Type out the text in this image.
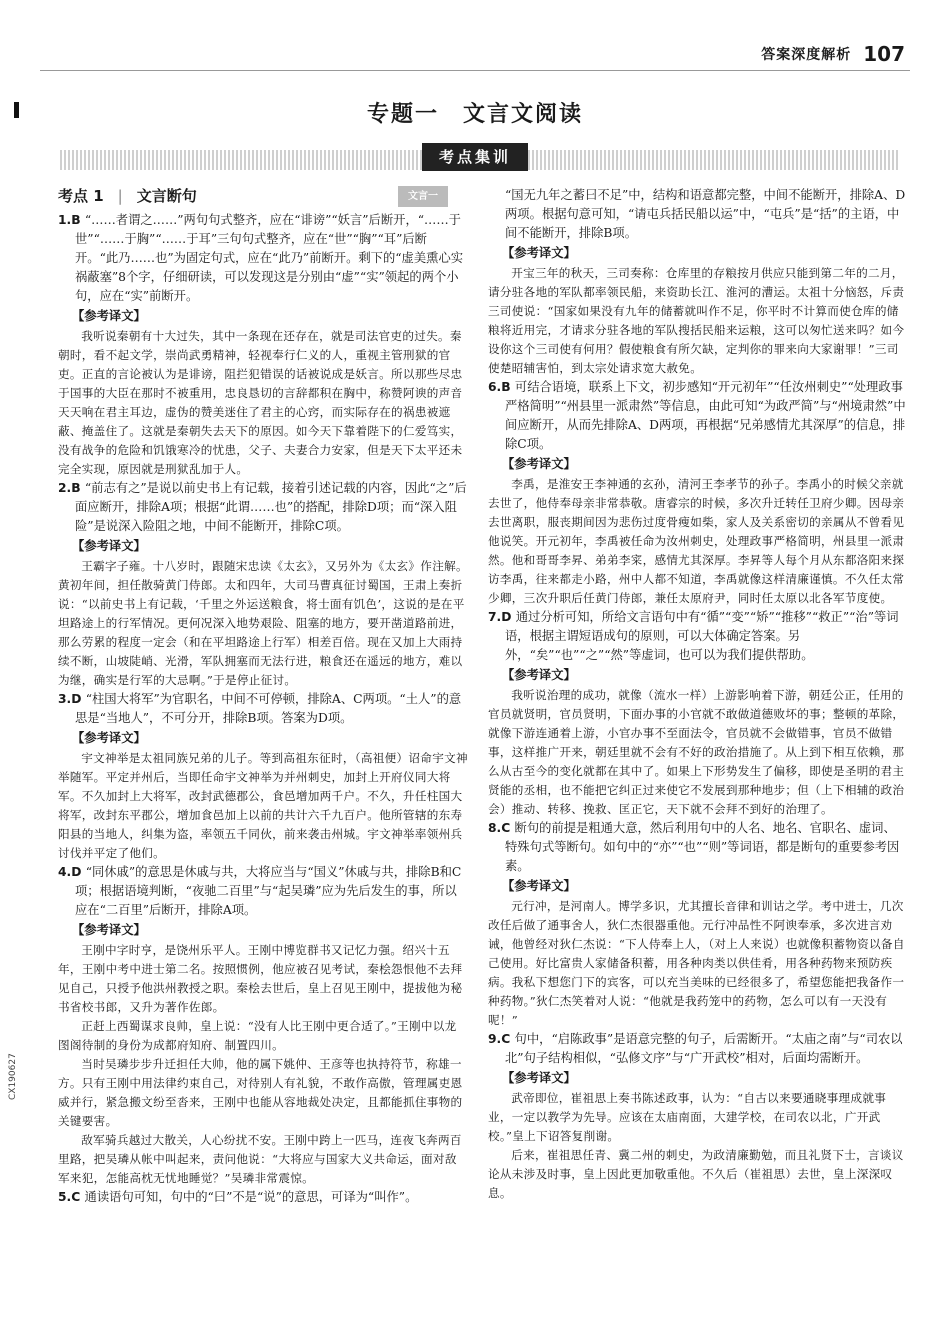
答案深度解析 107
专题一　文言文阅读
考点集训
考点 1 | 文言断句	文言一

1.B “……者谓之……”两句句式整齐，应在“诽谤”“妖言”后断开，“……于世”“……于胸”“……于耳”三句句式整齐，应在“世”“胸”“耳”后断开。“此乃……也”为固定句式，应在“此乃”前断开。剩下的“虚美熏心实祸蔽塞”8个字，仔细研读，可以发现这是分别由“虚”“实”领起的两个小句，应在“实”前断开。

【参考译文】

我听说秦朝有十大过失，其中一条现在还存在，就是司法官吏的过失。秦朝时，看不起文学，崇尚武勇精神，轻视奉行仁义的人，重视主管刑狱的官吏。正直的言论被认为是诽谤，阻拦犯错误的话被说成是妖言。所以那些尽忠于国事的大臣在那时不被重用，忠良恳切的言辞都积在胸中，称赞阿谀的声音天天响在君主耳边，虚伪的赞美迷住了君主的心窍，而实际存在的祸患被遮蔽、掩盖住了。这就是秦朝失去天下的原因。如今天下靠着陛下的仁爱笃实，没有战争的危险和饥饿寒冷的忧患，父子、夫妻合力安家，但是天下太平还未完全实现，原因就是刑狱乱加于人。

2.B “前志有之”是说以前史书上有记载，接着引述记载的内容，因此“之”后面应断开，排除A项；根据“此谓……也”的搭配，排除D项；而“深入阻险”是说深入险阻之地，中间不能断开，排除C项。

【参考译文】

王霸字子雍。十八岁时，跟随宋忠读《太玄》，又另外为《太玄》作注解。黄初年间，担任散骑黄门侍郎。太和四年，大司马曹真征讨蜀国，王肃上奏折说：“以前史书上有记载，‘千里之外运送粮食，将士面有饥色’，这说的是在平坦路途上的行军情况。更何况深入地势艰险、阻塞的地方，要开凿道路前进，那么劳累的程度一定会（和在平坦路途上行军）相差百倍。现在又加上大雨持续不断，山坡陡峭、光滑，军队拥塞而无法行进，粮食还在遥远的地方，难以为继，确实是行军的大忌啊。”于是停止征讨。

3.D “柱国大将军”为官职名，中间不可停顿，排除A、C两项。“土人”的意思是“当地人”，不可分开，排除B项。答案为D项。

【参考译文】

宇文神举是太祖同族兄弟的儿子。等到高祖东征时，（高祖便）诏命宇文神举随军。平定并州后，当即任命宇文神举为并州刺史，加封上开府仪同大将军。不久加封上大将军，改封武德郡公，食邑增加两千户。不久，升任柱国大将军，改封东平郡公，增加食邑加上以前的共计六千九百户。他所管辖的东寿阳县的当地人，纠集为盗，率领五千同伙，前来袭击州城。宇文神举率领州兵讨伐并平定了他们。

4.D “同休戚”的意思是休戚与共，大将应当与“国义”休戚与共，排除B和C项；根据语境判断，“夜驰二百里”与“起吴璘”应为先后发生的事，所以应在“二百里”后断开，排除A项。

【参考译文】

王刚中字时亨，是饶州乐平人。王刚中博览群书又记忆力强。绍兴十五年，王刚中考中进士第二名。按照惯例，他应被召见考试，秦桧怨恨他不去拜见自己，只授予他洪州教授之职。秦桧去世后，皇上召见王刚中，提拔他为秘书省校书郎，又升为著作佐郎。

正赶上西蜀谋求良帅，皇上说：“没有人比王刚中更合适了。”王刚中以龙图阁待制的身份为成都府知府、制置四川。

当时吴璘步步升迁担任大帅，他的属下姚仲、王彦等也执持符节，称雄一方。只有王刚中用法律约束自己，对待别人有礼貌，不敢作高傲，管理属吏恩威并行，紧急搬文纷至沓来，王刚中也能从容地裁处决定，且都能抓住事物的关键要害。

敌军骑兵越过大散关，人心纷扰不安。王刚中跨上一匹马，连夜飞奔两百里路，把吴璘从帐中叫起来，责问他说：“大将应与国家大义共命运，面对敌军来犯，怎能高枕无忧地睡觉？”吴璘非常震惊。

5.C 通读语句可知，句中的“曰”不是“说”的意思，可译为“叫作”。

“国无九年之蓄曰不足”中，结构和语意都完整，中间不能断开，排除A、D两项。根据句意可知，“请屯兵括民船以运”中，“屯兵”是“括”的主语，中间不能断开，排除B项。

【参考译文】

开宝三年的秋天，三司奏称：仓库里的存粮按月供应只能到第二年的二月，请分驻各地的军队都率领民船，来资助长江、淮河的漕运。太祖十分恼怒，斥责三司使说：“国家如果没有九年的储蓄就叫作不足，你平时不计算而使仓库的储粮将近用完，才请求分驻各地的军队搜括民船来运粮，这可以匆忙送来吗？如今设你这个三司使有何用？假使粮食有所欠缺，定判你的罪来向大家谢罪！”三司使楚昭辅害怕，到太宗处请求宽大赦免。

6.B 可结合语境，联系上下文，初步感知“开元初年”“任汝州刺史”“处理政事严格简明”“州县里一派肃然”等信息，由此可知“为政严简”与“州境肃然”中间应断开，从而先排除A、D两项，再根据“兄弟感情尤其深厚”的信息，排除C项。

【参考译文】

李禹，是淮安王李神通的玄孙，清河王李孝节的孙子。李禹小的时候父亲就去世了，他侍奉母亲非常恭敬。唐睿宗的时候，多次升迁转任卫府少卿。因母亲去世离职，服丧期间因为悲伤过度骨瘦如柴，家人及关系密切的亲属从不曾看见他说笑。开元初年，李禹被任命为汝州刺史，处理政事严格简明，州县里一派肃然。他和哥哥李昇、弟弟李寀，感情尤其深厚。李昇等人每个月从东都洛阳来探访李禹，往来都走小路，州中人都不知道，李禹就像这样清廉谨慎。不久任太常少卿，三次升职后任黄门侍郎，兼任太原府尹，同时任太原以北各军节度使。

7.D 通过分析可知，所给文言语句中有“循”“变”“矫”“推移”“救正”“治”等词语，根据主谓短语成句的原则，可以大体确定答案。另外，“矣”“也”“之”“然”等虚词，也可以为我们提供帮助。

【参考译文】

我听说治理的成功，就像（流水一样）上游影响着下游，朝廷公正，任用的官员就贤明，官员贤明，下面办事的小官就不敢做道德败坏的事；整顿的革除，就像下游连通着上游，小官办事不至面法令，官员就不会做错事，官员不做错事，这样推广开来，朝廷里就不会有不好的政治措施了。从上到下相互依赖，那么从古至今的变化就都在其中了。如果上下形势发生了偏移，即使是圣明的君主贤能的丞相，也不能把它纠正过来使它不发展到那种地步；但（上下相辅的政治会）推动、转移、挽救、匡正它，天下就不会拜不到好的治理了。

8.C 断句的前提是粗通大意，然后利用句中的人名、地名、官职名、虚词、特殊句式等断句。如句中的“亦”“也”“则”等词语，都是断句的重要参考因素。

【参考译文】

元行冲，是河南人。博学多识，尤其擅长音律和训诂之学。考中进士，几次改任后做了通事舍人，狄仁杰很器重他。元行冲品性不阿谀奉承，多次进言劝诫，他曾经对狄仁杰说：“下人侍奉上人，（对上人来说）也就像积蓄物资以备自己使用。好比富贵人家储备积蓄，用各种肉类以供佳肴，用各种药物来预防疾病。我私下想您门下的宾客，可以充当美味的已经很多了，希望您能把我备作一种药物。”狄仁杰笑着对人说：“他就是我药笼中的药物，怎么可以有一天没有呢！”

9.C 句中，“启陈政事”是语意完整的句子，后需断开。“太庙之南”与“司农以北”句子结构相似，“弘修文序”与“广开武校”相对，后面均需断开。

【参考译文】

武帝即位，崔祖思上奏书陈述政事，认为：“自古以来要通晓事理成就事业，一定以教学为先导。应该在太庙南面，大建学校，在司农以北，广开武校。”皇上下诏答复削谢。

后来，崔祖思任青、冀二州的刺史，为政清廉勤勉，而且礼贤下士，言谈议论从未涉及时事，皇上因此更加敬重他。不久后（崔祖思）去世，皇上深深叹息。

CX190627
